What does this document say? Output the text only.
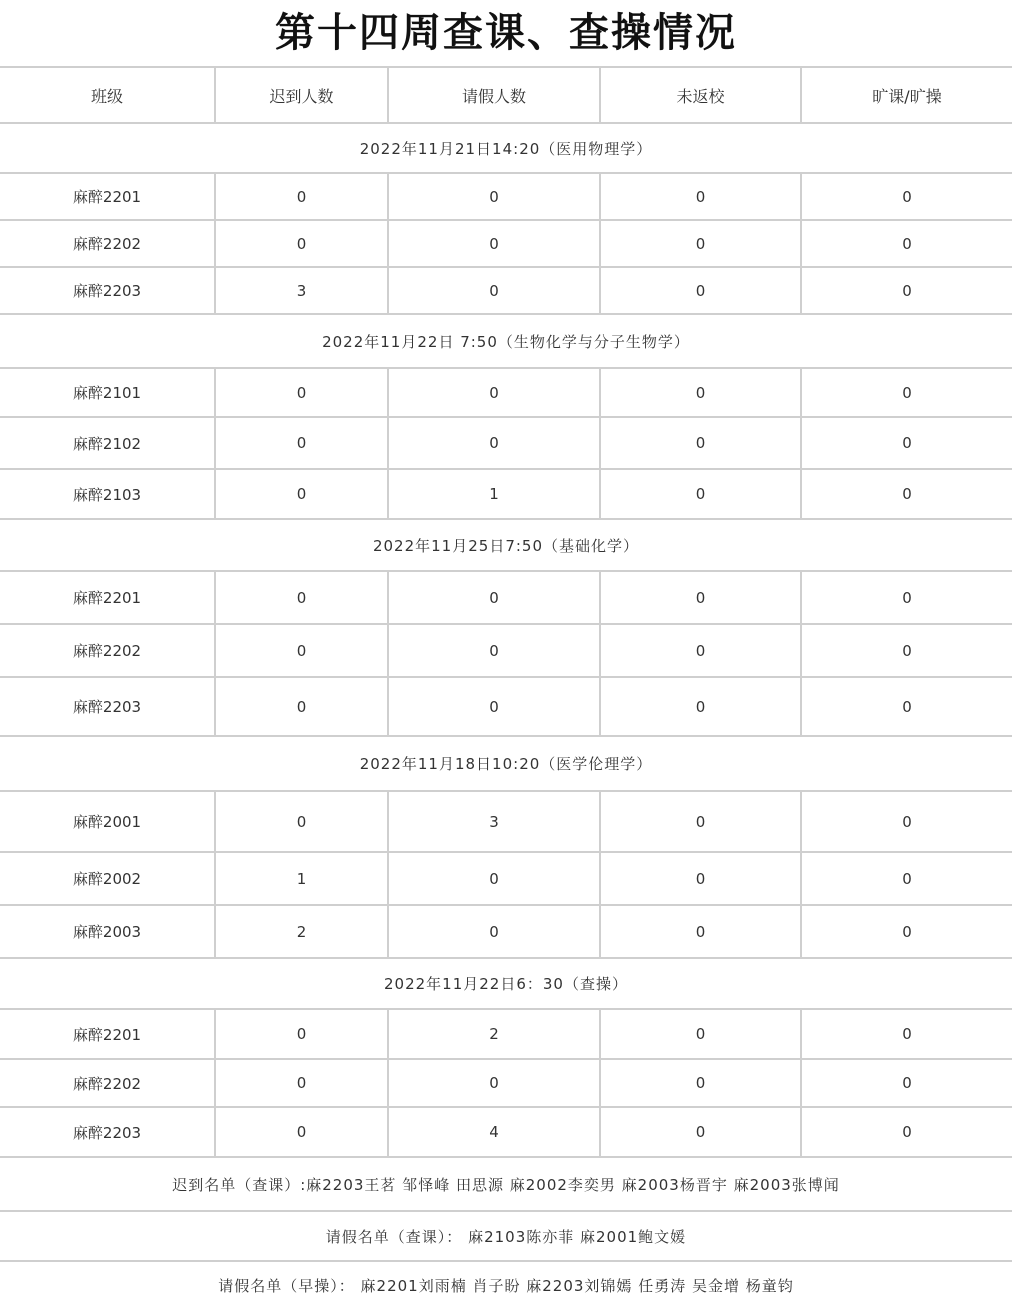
第十四周查课、查操情况
班级	迟到人数	请假人数	未返校	旷课/旷操
2022年11月21日14:20（医用物理学）				
麻醉2201	0	0	0	0
麻醉2202	0	0	0	0
麻醉2203	3	0	0	0
2022年11月22日 7:50（生物化学与分子生物学）				
麻醉2101	0	0	0	0
麻醉2102	0	0	0	0
麻醉2103	0	1	0	0
2022年11月25日7:50（基础化学）				
麻醉2201	0	0	0	0
麻醉2202	0	0	0	0
麻醉2203	0	0	0	0
2022年11月18日10:20（医学伦理学）				
麻醉2001	0	3	0	0
麻醉2002	1	0	0	0
麻醉2003	2	0	0	0
2022年11月22日6：30（查操）				
麻醉2201	0	2	0	0
麻醉2202	0	0	0	0
麻醉2203	0	4	0	0
迟到名单（查课）:麻2203王茗 邹怿峰 田思源 麻2002李奕男 麻2003杨晋宇 麻2003张博闻				
请假名单（查课）： 麻2103陈亦菲 麻2001鲍文媛				
请假名单（早操）： 麻2201刘雨楠 肖子盼 麻2203刘锦嫣 任勇涛 吴金增 杨童钧				
